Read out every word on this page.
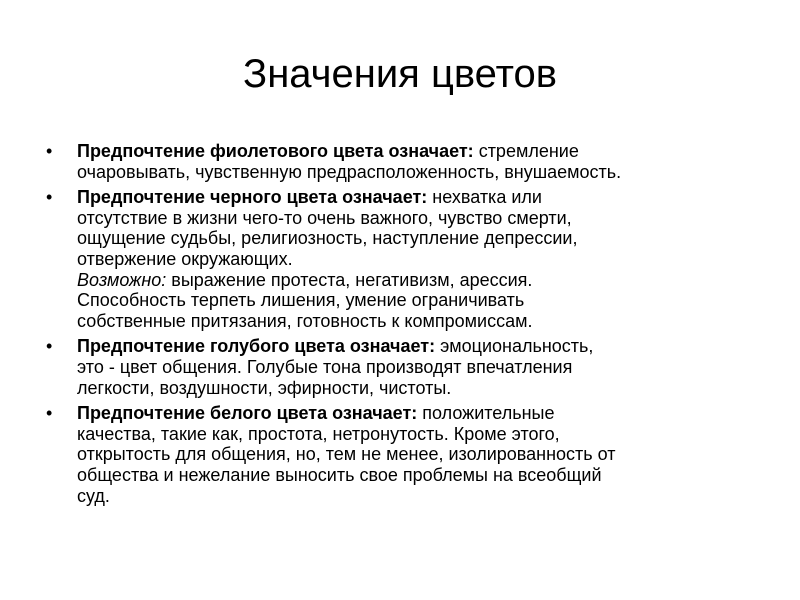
Значения цветов
•	Предпочтение фиолетового цвета означает: стремление
очаровывать, чувственную предрасположенность, внушаемость.
•	Предпочтение черного цвета означает: нехватка или
отсутствие в жизни чего-то очень важного, чувство смерти,
ощущение судьбы, религиозность, наступление депрессии,
отвержение окружающих.
Возможно: выражение протеста, негативизм, арессия.
Способность терпеть лишения, умение ограничивать
собственные притязания, готовность к компромиссам.
•	Предпочтение голубого цвета означает: эмоциональность,
это - цвет общения. Голубые тона производят впечатления
легкости, воздушности, эфирности, чистоты.
•	Предпочтение белого цвета означает: положительные
качества, такие как, простота, нетронутость. Кроме этого,
открытость для общения, но, тем не менее, изолированность от
общества и нежелание выносить свое проблемы на всеобщий
суд.
